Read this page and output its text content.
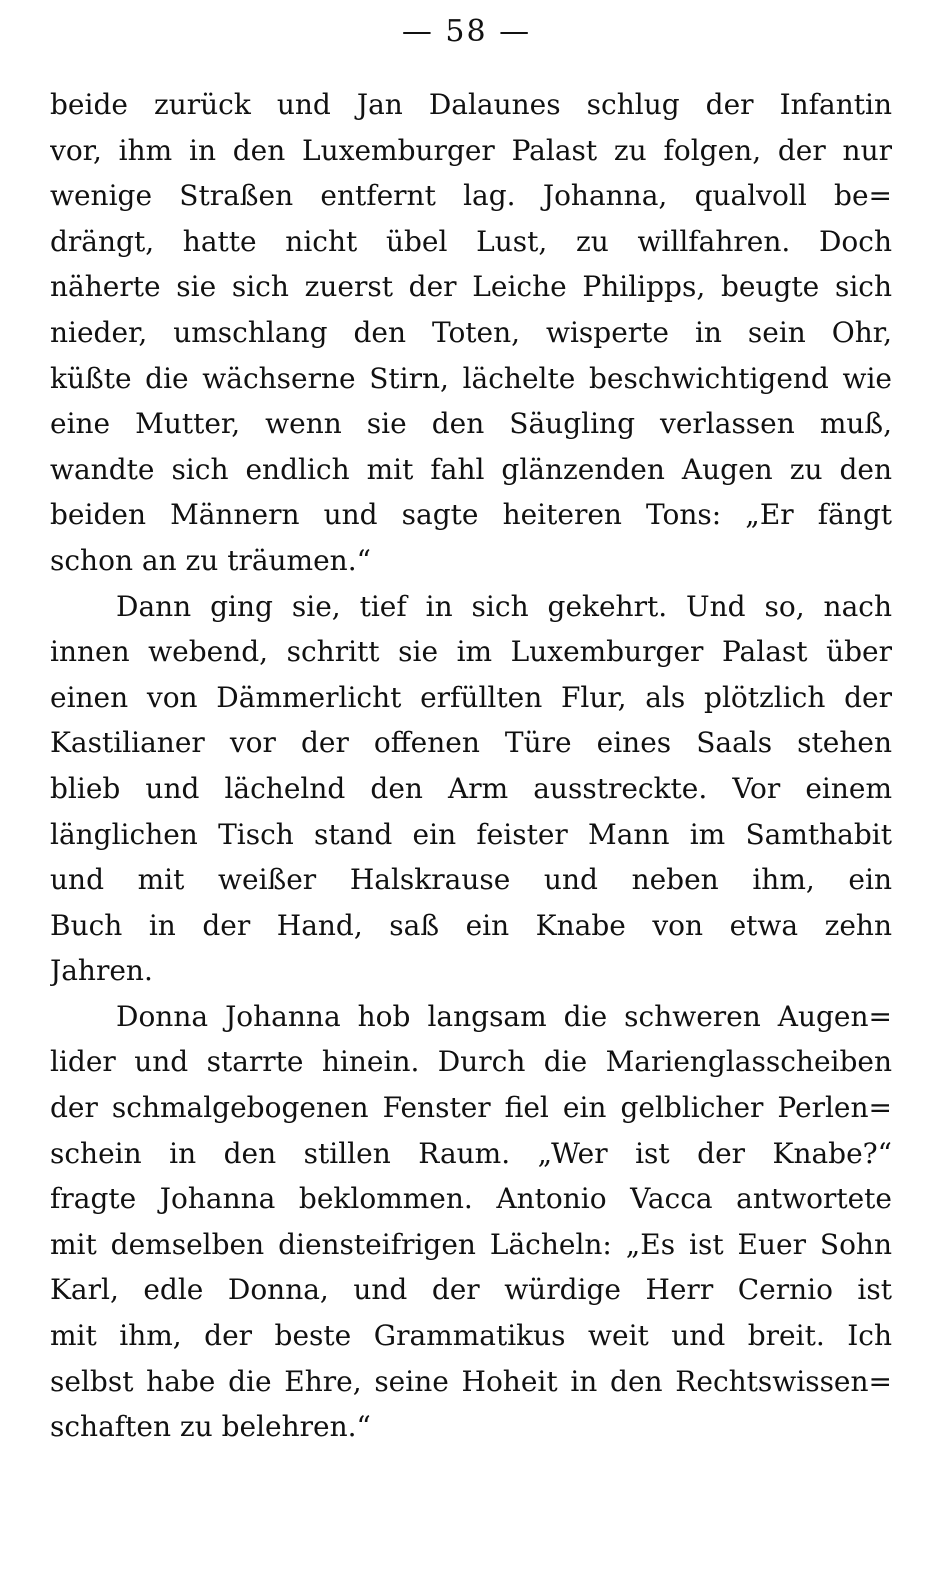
— 58 —
beide zurück und Jan Dalaunes schlug der Infantin
vor, ihm in den Luxemburger Palast zu folgen, der nur
wenige Straßen entfernt lag. Johanna, qualvoll be=
drängt, hatte nicht übel Lust, zu willfahren. Doch
näherte sie sich zuerst der Leiche Philipps, beugte sich
nieder, umschlang den Toten, wisperte in sein Ohr,
küßte die wächserne Stirn, lächelte beschwichtigend wie
eine Mutter, wenn sie den Säugling verlassen muß,
wandte sich endlich mit fahl glänzenden Augen zu den
beiden Männern und sagte heiteren Tons: „Er fängt
schon an zu träumen.“
Dann ging sie, tief in sich gekehrt. Und so, nach
innen webend, schritt sie im Luxemburger Palast über
einen von Dämmerlicht erfüllten Flur, als plötzlich der
Kastilianer vor der offenen Türe eines Saals stehen
blieb und lächelnd den Arm ausstreckte. Vor einem
länglichen Tisch stand ein feister Mann im Samthabit
und mit weißer Halskrause und neben ihm, ein
Buch in der Hand, saß ein Knabe von etwa zehn
Jahren.
Donna Johanna hob langsam die schweren Augen=
lider und starrte hinein. Durch die Marienglasscheiben
der schmalgebogenen Fenster fiel ein gelblicher Perlen=
schein in den stillen Raum. „Wer ist der Knabe?“
fragte Johanna beklommen. Antonio Vacca antwortete
mit demselben diensteifrigen Lächeln: „Es ist Euer Sohn
Karl, edle Donna, und der würdige Herr Cernio ist
mit ihm, der beste Grammatikus weit und breit. Ich
selbst habe die Ehre, seine Hoheit in den Rechtswissen=
schaften zu belehren.“
